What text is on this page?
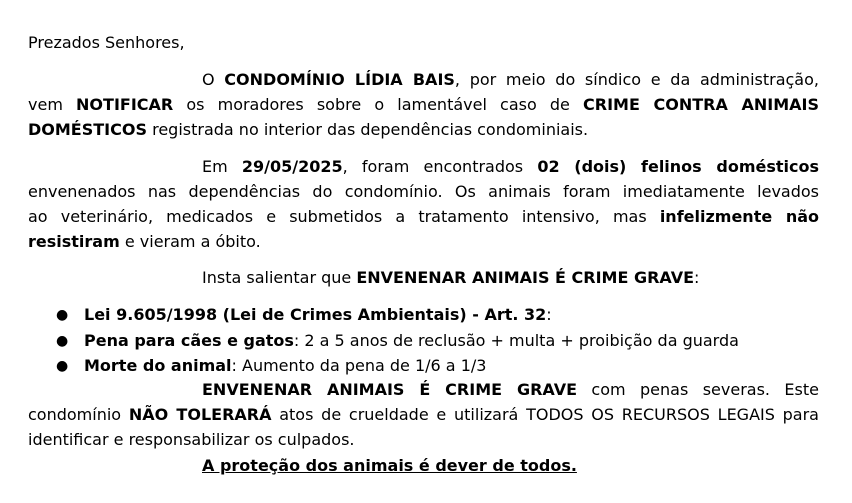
Prezados Senhores,
O CONDOMÍNIO LÍDIA BAIS, por meio do síndico e da administração,
vem NOTIFICAR os moradores sobre o lamentável caso de CRIME CONTRA ANIMAIS
DOMÉSTICOS registrada no interior das dependências condominiais.
Em 29/05/2025, foram encontrados 02 (dois) felinos domésticos
envenenados nas dependências do condomínio. Os animais foram imediatamente levados
ao veterinário, medicados e submetidos a tratamento intensivo, mas infelizmente não
resistiram e vieram a óbito.
Insta salientar que ENVENENAR ANIMAIS É CRIME GRAVE:
● Lei 9.605/1998 (Lei de Crimes Ambientais) - Art. 32:
● Pena para cães e gatos: 2 a 5 anos de reclusão + multa + proibição da guarda
● Morte do animal: Aumento da pena de 1/6 a 1/3
ENVENENAR ANIMAIS É CRIME GRAVE com penas severas. Este
condomínio NÃO TOLERARÁ atos de crueldade e utilizará TODOS OS RECURSOS LEGAIS para
identificar e responsabilizar os culpados.
A proteção dos animais é dever de todos.
